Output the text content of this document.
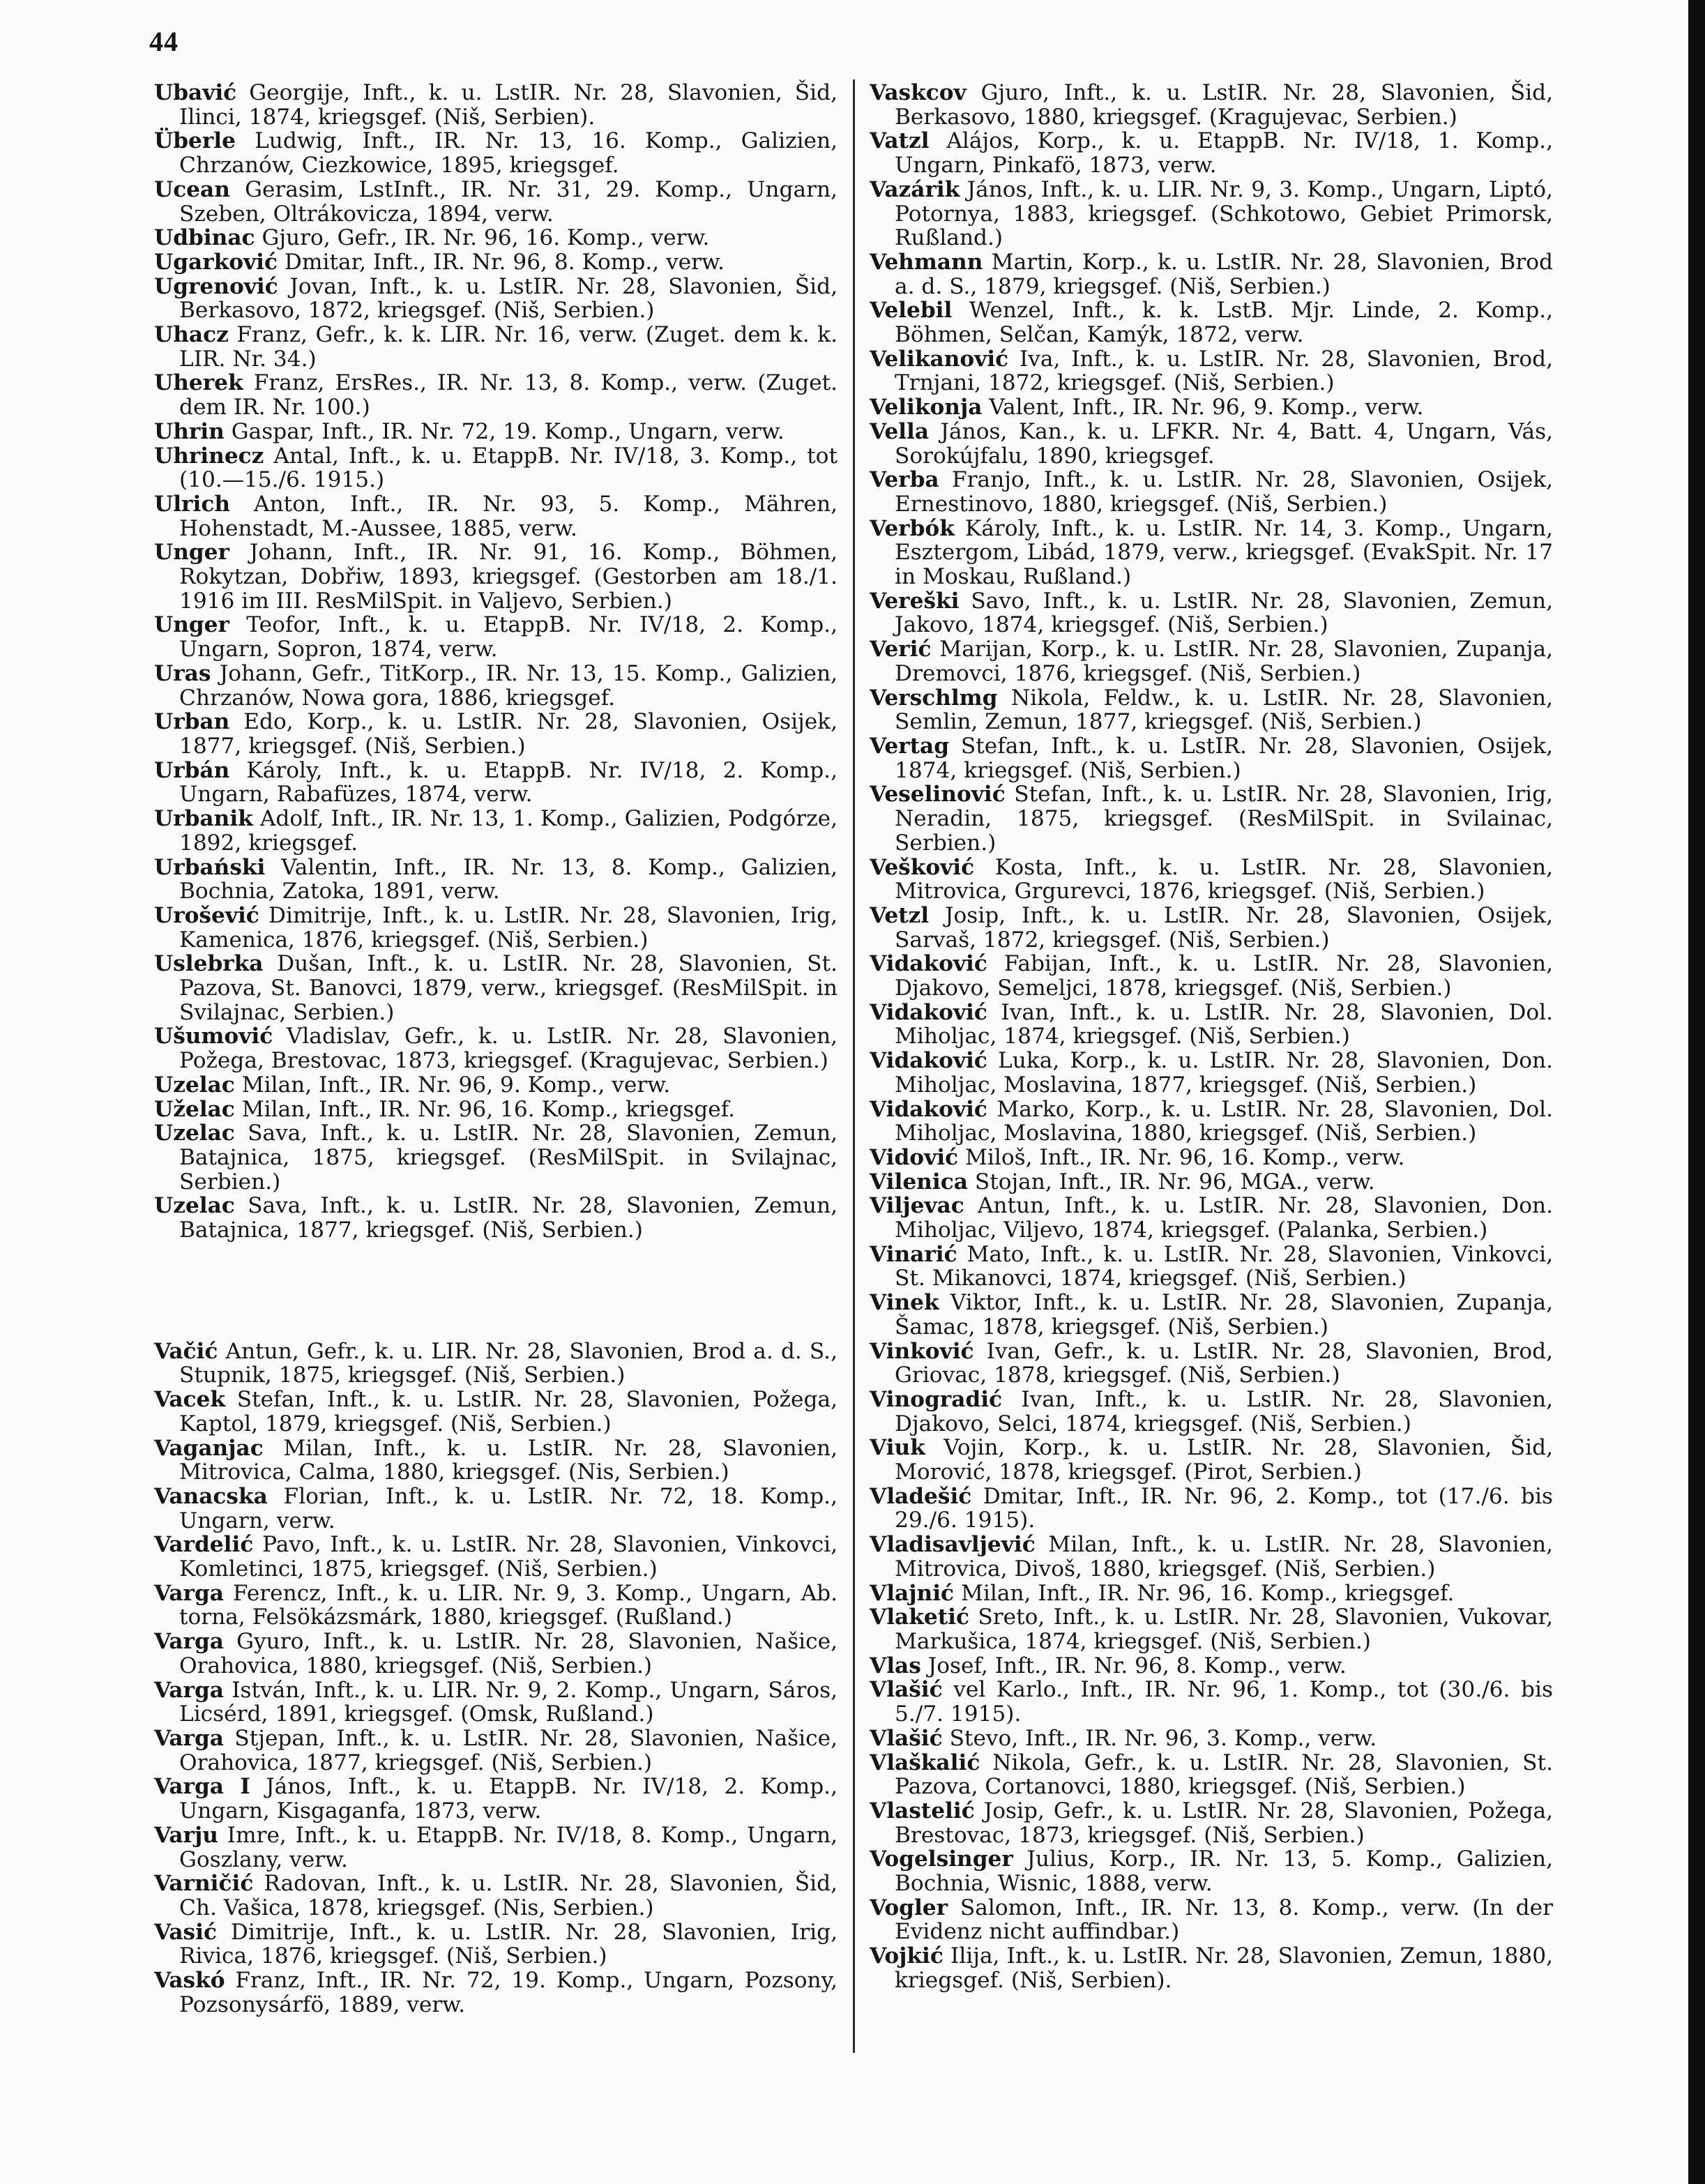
44

Ubavić Georgije, Inft., k. u. LstIR. Nr. 28, Slavonien, Šid, Ilinci, 1874, kriegsgef. (Niš, Serbien).

Überle Ludwig, Inft., IR. Nr. 13, 16. Komp., Galizien, Chrzanów, Ciezkowice, 1895, kriegsgef.

Ucean Gerasim, LstInft., IR. Nr. 31, 29. Komp., Ungarn, Szeben, Oltrákovicza, 1894, verw.

Udbinac Gjuro, Gefr., IR. Nr. 96, 16. Komp., verw.

Ugarković Dmitar, Inft., IR. Nr. 96, 8. Komp., verw.

Ugrenović Jovan, Inft., k. u. LstIR. Nr. 28, Slavonien, Šid, Berkasovo, 1872, kriegsgef. (Niš, Serbien.)

Uhacz Franz, Gefr., k. k. LIR. Nr. 16, verw. (Zuget. dem k. k. LIR. Nr. 34.)

Uherek Franz, ErsRes., IR. Nr. 13, 8. Komp., verw. (Zuget. dem IR. Nr. 100.)

Uhrin Gaspar, Inft., IR. Nr. 72, 19. Komp., Ungarn, verw.

Uhrinecz Antal, Inft., k. u. EtappB. Nr. IV/18, 3. Komp., tot (10.—15./6. 1915.)

Ulrich Anton, Inft., IR. Nr. 93, 5. Komp., Mähren, Hohenstadt, M.-Aussee, 1885, verw.

Unger Johann, Inft., IR. Nr. 91, 16. Komp., Böhmen, Rokytzan, Dobřiw, 1893, kriegsgef. (Gestorben am 18./1. 1916 im III. ResMilSpit. in Valjevo, Serbien.)

Unger Teofor, Inft., k. u. EtappB. Nr. IV/18, 2. Komp., Ungarn, Sopron, 1874, verw.

Uras Johann, Gefr., TitKorp., IR. Nr. 13, 15. Komp., Galizien, Chrzanów, Nowa gora, 1886, kriegsgef.

Urban Edo, Korp., k. u. LstIR. Nr. 28, Slavonien, Osijek, 1877, kriegsgef. (Niš, Serbien.)

Urbán Károly, Inft., k. u. EtappB. Nr. IV/18, 2. Komp., Ungarn, Rabafüzes, 1874, verw.

Urbanik Adolf, Inft., IR. Nr. 13, 1. Komp., Galizien, Podgórze, 1892, kriegsgef.

Urbański Valentin, Inft., IR. Nr. 13, 8. Komp., Galizien, Bochnia, Zatoka, 1891, verw.

Urošević Dimitrije, Inft., k. u. LstIR. Nr. 28, Slavonien, Irig, Kamenica, 1876, kriegsgef. (Niš, Serbien.)

Uslebrka Dušan, Inft., k. u. LstIR. Nr. 28, Slavonien, St. Pazova, St. Banovci, 1879, verw., kriegsgef. (ResMilSpit. in Svilajnac, Serbien.)

Ušumović Vladislav, Gefr., k. u. LstIR. Nr. 28, Slavonien, Požega, Brestovac, 1873, kriegsgef. (Kragujevac, Serbien.)

Uzelac Milan, Inft., IR. Nr. 96, 9. Komp., verw.

Uželac Milan, Inft., IR. Nr. 96, 16. Komp., kriegsgef.

Uzelac Sava, Inft., k. u. LstIR. Nr. 28, Slavonien, Zemun, Batajnica, 1875, kriegsgef. (ResMilSpit. in Svilajnac, Serbien.)

Uzelac Sava, Inft., k. u. LstIR. Nr. 28, Slavonien, Zemun, Batajnica, 1877, kriegsgef. (Niš, Serbien.)

Vačić Antun, Gefr., k. u. LIR. Nr. 28, Slavonien, Brod a. d. S., Stupnik, 1875, kriegsgef. (Niš, Serbien.)

Vacek Stefan, Inft., k. u. LstIR. Nr. 28, Slavonien, Požega, Kaptol, 1879, kriegsgef. (Niš, Serbien.)

Vaganjac Milan, Inft., k. u. LstIR. Nr. 28, Slavonien, Mitrovica, Calma, 1880, kriegsgef. (Nis, Serbien.)

Vanacska Florian, Inft., k. u. LstIR. Nr. 72, 18. Komp., Ungarn, verw.

Vardelić Pavo, Inft., k. u. LstIR. Nr. 28, Slavonien, Vinkovci, Komletinci, 1875, kriegsgef. (Niš, Serbien.)

Varga Ferencz, Inft., k. u. LIR. Nr. 9, 3. Komp., Ungarn, Ab. torna, Felsökázsmárk, 1880, kriegsgef. (Rußland.)

Varga Gyuro, Inft., k. u. LstIR. Nr. 28, Slavonien, Našice, Orahovica, 1880, kriegsgef. (Niš, Serbien.)

Varga István, Inft., k. u. LIR. Nr. 9, 2. Komp., Ungarn, Sáros, Licsérd, 1891, kriegsgef. (Omsk, Rußland.)

Varga Stjepan, Inft., k. u. LstIR. Nr. 28, Slavonien, Našice, Orahovica, 1877, kriegsgef. (Niš, Serbien.)

Varga I János, Inft., k. u. EtappB. Nr. IV/18, 2. Komp., Ungarn, Kisgaganfa, 1873, verw.

Varju Imre, Inft., k. u. EtappB. Nr. IV/18, 8. Komp., Ungarn, Goszlany, verw.

Varničić Radovan, Inft., k. u. LstIR. Nr. 28, Slavonien, Šid, Ch. Vašica, 1878, kriegsgef. (Nis, Serbien.)

Vasić Dimitrije, Inft., k. u. LstIR. Nr. 28, Slavonien, Irig, Rivica, 1876, kriegsgef. (Niš, Serbien.)

Vaskó Franz, Inft., IR. Nr. 72, 19. Komp., Ungarn, Pozsony, Pozsonysárfö, 1889, verw.

Vaskcov Gjuro, Inft., k. u. LstIR. Nr. 28, Slavonien, Šid, Berkasovo, 1880, kriegsgef. (Kragujevac, Serbien.)

Vatzl Alájos, Korp., k. u. EtappB. Nr. IV/18, 1. Komp., Ungarn, Pinkafö, 1873, verw.

Vazárik János, Inft., k. u. LIR. Nr. 9, 3. Komp., Ungarn, Liptó, Potornya, 1883, kriegsgef. (Schkotowo, Gebiet Primorsk, Rußland.)

Vehmann Martin, Korp., k. u. LstIR. Nr. 28, Slavonien, Brod a. d. S., 1879, kriegsgef. (Niš, Serbien.)

Velebil Wenzel, Inft., k. k. LstB. Mjr. Linde, 2. Komp., Böhmen, Selčan, Kamýk, 1872, verw.

Velikanović Iva, Inft., k. u. LstIR. Nr. 28, Slavonien, Brod, Trnjani, 1872, kriegsgef. (Niš, Serbien.)

Velikonja Valent, Inft., IR. Nr. 96, 9. Komp., verw.

Vella János, Kan., k. u. LFKR. Nr. 4, Batt. 4, Ungarn, Vás, Sorokújfalu, 1890, kriegsgef.

Verba Franjo, Inft., k. u. LstIR. Nr. 28, Slavonien, Osijek, Ernestinovo, 1880, kriegsgef. (Niš, Serbien.)

Verbók Károly, Inft., k. u. LstIR. Nr. 14, 3. Komp., Ungarn, Esztergom, Libád, 1879, verw., kriegsgef. (EvakSpit. Nr. 17 in Moskau, Rußland.)

Vereški Savo, Inft., k. u. LstIR. Nr. 28, Slavonien, Zemun, Jakovo, 1874, kriegsgef. (Niš, Serbien.)

Verić Marijan, Korp., k. u. LstIR. Nr. 28, Slavonien, Zupanja, Dremovci, 1876, kriegsgef. (Niš, Serbien.)

Verschlmg Nikola, Feldw., k. u. LstIR. Nr. 28, Slavonien, Semlin, Zemun, 1877, kriegsgef. (Niš, Serbien.)

Vertag Stefan, Inft., k. u. LstIR. Nr. 28, Slavonien, Osijek, 1874, kriegsgef. (Niš, Serbien.)

Veselinović Stefan, Inft., k. u. LstIR. Nr. 28, Slavonien, Irig, Neradin, 1875, kriegsgef. (ResMilSpit. in Svilainac, Serbien.)

Vešković Kosta, Inft., k. u. LstIR. Nr. 28, Slavonien, Mitrovica, Grgurevci, 1876, kriegsgef. (Niš, Serbien.)

Vetzl Josip, Inft., k. u. LstIR. Nr. 28, Slavonien, Osijek, Sarvaš, 1872, kriegsgef. (Niš, Serbien.)

Vidaković Fabijan, Inft., k. u. LstIR. Nr. 28, Slavonien, Djakovo, Semeljci, 1878, kriegsgef. (Niš, Serbien.)

Vidaković Ivan, Inft., k. u. LstIR. Nr. 28, Slavonien, Dol. Miholjac, 1874, kriegsgef. (Niš, Serbien.)

Vidaković Luka, Korp., k. u. LstIR. Nr. 28, Slavonien, Don. Miholjac, Moslavina, 1877, kriegsgef. (Niš, Serbien.)

Vidaković Marko, Korp., k. u. LstIR. Nr. 28, Slavonien, Dol. Miholjac, Moslavina, 1880, kriegsgef. (Niš, Serbien.)

Vidović Miloš, Inft., IR. Nr. 96, 16. Komp., verw.

Vilenica Stojan, Inft., IR. Nr. 96, MGA., verw.

Viljevac Antun, Inft., k. u. LstIR. Nr. 28, Slavonien, Don. Miholjac, Viljevo, 1874, kriegsgef. (Palanka, Serbien.)

Vinarić Mato, Inft., k. u. LstIR. Nr. 28, Slavonien, Vinkovci, St. Mikanovci, 1874, kriegsgef. (Niš, Serbien.)

Vinek Viktor, Inft., k. u. LstIR. Nr. 28, Slavonien, Zupanja, Šamac, 1878, kriegsgef. (Niš, Serbien.)

Vinković Ivan, Gefr., k. u. LstIR. Nr. 28, Slavonien, Brod, Griovac, 1878, kriegsgef. (Niš, Serbien.)

Vinogradić Ivan, Inft., k. u. LstIR. Nr. 28, Slavonien, Djakovo, Selci, 1874, kriegsgef. (Niš, Serbien.)

Viuk Vojin, Korp., k. u. LstIR. Nr. 28, Slavonien, Šid, Morović, 1878, kriegsgef. (Pirot, Serbien.)

Vladešić Dmitar, Inft., IR. Nr. 96, 2. Komp., tot (17./6. bis 29./6. 1915).

Vladisavljević Milan, Inft., k. u. LstIR. Nr. 28, Slavonien, Mitrovica, Divoš, 1880, kriegsgef. (Niš, Serbien.)

Vlajnić Milan, Inft., IR. Nr. 96, 16. Komp., kriegsgef.

Vlaketić Sreto, Inft., k. u. LstIR. Nr. 28, Slavonien, Vukovar, Markušica, 1874, kriegsgef. (Niš, Serbien.)

Vlas Josef, Inft., IR. Nr. 96, 8. Komp., verw.

Vlašić vel Karlo., Inft., IR. Nr. 96, 1. Komp., tot (30./6. bis 5./7. 1915).

Vlašić Stevo, Inft., IR. Nr. 96, 3. Komp., verw.

Vlaškalić Nikola, Gefr., k. u. LstIR. Nr. 28, Slavonien, St. Pazova, Cortanovci, 1880, kriegsgef. (Niš, Serbien.)

Vlastelić Josip, Gefr., k. u. LstIR. Nr. 28, Slavonien, Požega, Brestovac, 1873, kriegsgef. (Niš, Serbien.)

Vogelsinger Julius, Korp., IR. Nr. 13, 5. Komp., Galizien, Bochnia, Wisnic, 1888, verw.

Vogler Salomon, Inft., IR. Nr. 13, 8. Komp., verw. (In der Evidenz nicht auffindbar.)

Vojkić Ilija, Inft., k. u. LstIR. Nr. 28, Slavonien, Zemun, 1880, kriegsgef. (Niš, Serbien).
